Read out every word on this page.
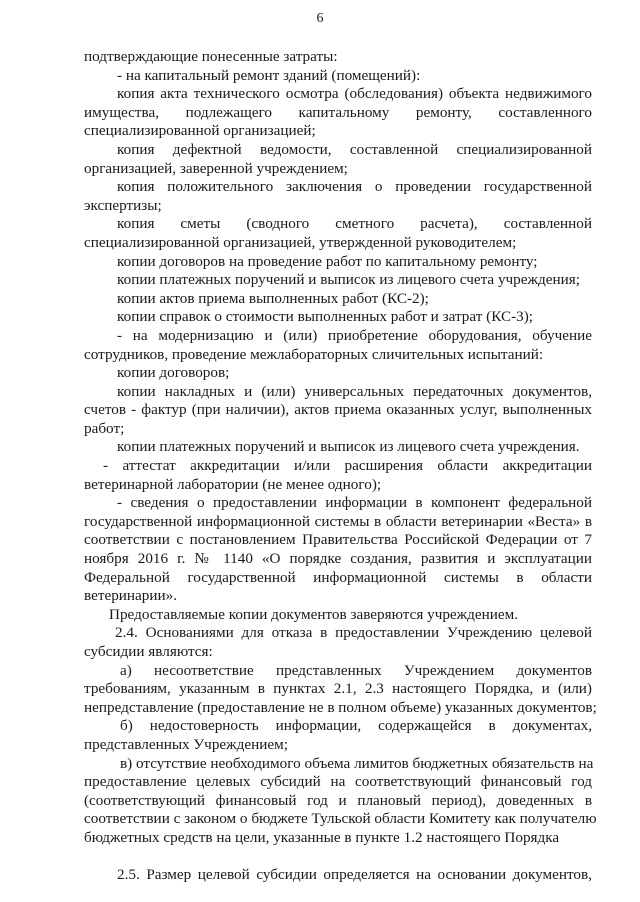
6
подтверждающие понесенные затраты:
- на капитальный ремонт зданий (помещений):
копия акта технического осмотра (обследования) объекта недвижимого
имущества, подлежащего капитальному ремонту, составленного
специализированной организацией;
копия дефектной ведомости, составленной специализированной
организацией, заверенной учреждением;
копия положительного заключения о проведении государственной
экспертизы;
копия сметы (сводного сметного расчета), составленной
специализированной организацией, утвержденной руководителем;
копии договоров на проведение работ по капитальному ремонту;
копии платежных поручений и выписок из лицевого счета учреждения;
копии актов приема выполненных работ (КС-2);
копии справок о стоимости выполненных работ и затрат (КС-3);
- на модернизацию и (или) приобретение оборудования, обучение
сотрудников, проведение межлабораторных сличительных испытаний:
копии договоров;
копии накладных и (или) универсальных передаточных документов,
счетов - фактур (при наличии), актов приема оказанных услуг, выполненных
работ;
копии платежных поручений и выписок из лицевого счета учреждения.
- аттестат аккредитации и/или расширения области аккредитации
ветеринарной лаборатории (не менее одного);
- сведения о предоставлении информации в компонент федеральной
государственной информационной системы в области ветеринарии «Веста» в
соответствии с постановлением Правительства Российской Федерации от 7
ноября 2016 г. № 1140 «О порядке создания, развития и эксплуатации
Федеральной государственной информационной системы в области
ветеринарии».
Предоставляемые копии документов заверяются учреждением.
2.4. Основаниями для отказа в предоставлении Учреждению целевой
субсидии являются:
а) несоответствие представленных Учреждением документов
требованиям, указанным в пунктах 2.1, 2.3 настоящего Порядка, и (или)
непредставление (предоставление не в полном объеме) указанных документов;
б) недостоверность информации, содержащейся в документах,
представленных Учреждением;
в) отсутствие необходимого объема лимитов бюджетных обязательств на
предоставление целевых субсидий на соответствующий финансовый год
(соответствующий финансовый год и плановый период), доведенных в
соответствии с законом о бюджете Тульской области Комитету как получателю
бюджетных средств на цели, указанные в пункте 1.2 настоящего Порядка
2.5. Размер целевой субсидии определяется на основании документов,
